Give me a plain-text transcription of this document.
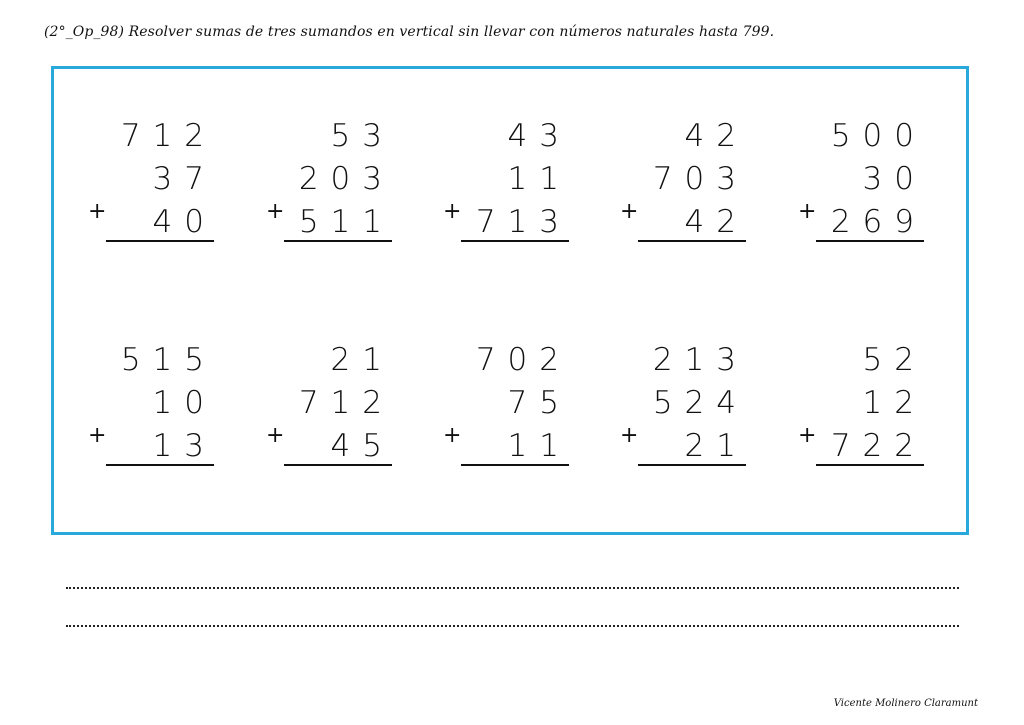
(2°_Op_98) Resolver sumas de tres sumandos en vertical sin llevar con números naturales hasta 799.
+
712
37
40 +
53
203
511 +
43
11
713 +
42
703
42 +
500
30
269
+
515
10
13 +
21
712
45 +
702
75
11 +
213
524
21 +
52
12
722
Vicente Molinero Claramunt
